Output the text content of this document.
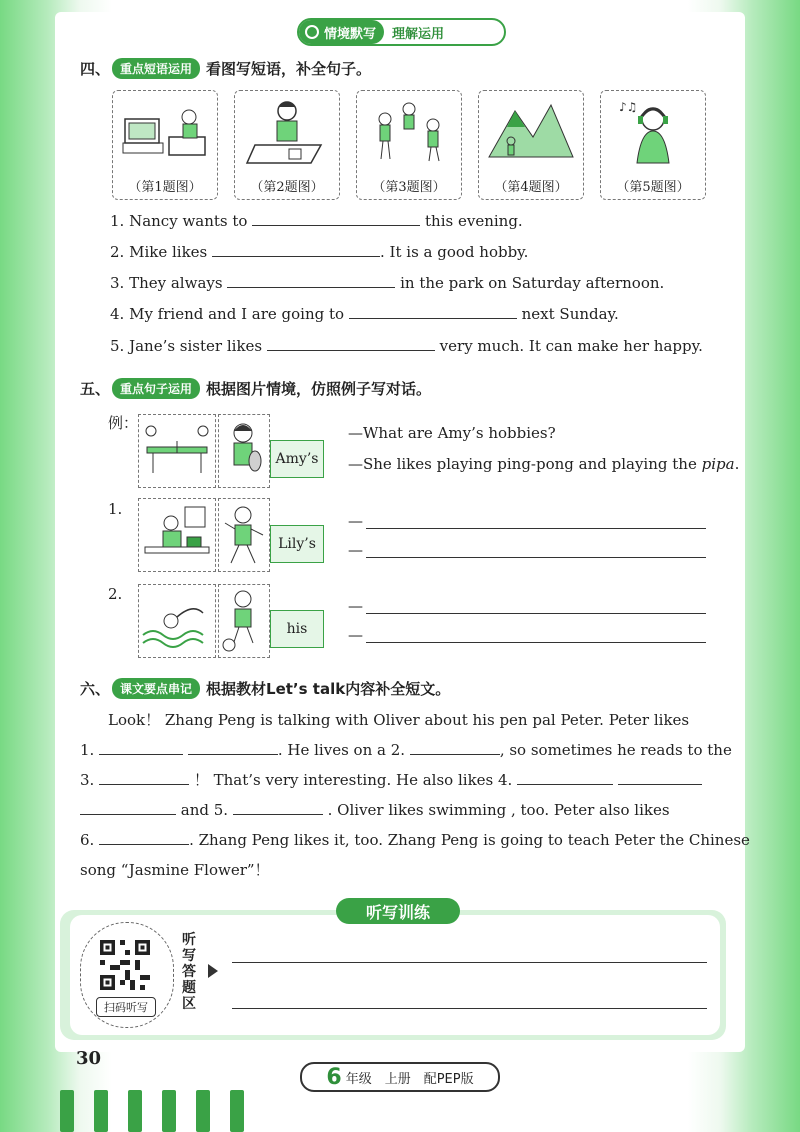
情境默写	理解运用
四、 重点短语运用 看图写短语，补全句子。
（第1题图）	（第2题图）	（第3题图）	（第4题图）
♪♫
（第5题图）
1. Nancy wants to	this evening.
2. Mike likes	. It is a good hobby.
3. They always	in the park on Saturday afternoon.
4. My friend and I are going to	next Sunday.
5. Jane’s sister likes	very much. It can make her happy.
五、 重点句子运用 根据图片情境，仿照例子写对话。
例：
Amy’s
—What are Amy’s hobbies?
—She likes playing ping-pong and playing the pipa.
1.
Lily’s
—
—
2.
his
—
—
六、 课文要点串记 根据教材Let’s talk内容补全短文。
Look！ Zhang Peng is talking with Oliver about his pen pal Peter. Peter likes
1.	. He lives on a 2.	, so sometimes he reads to the
3.	！ That’s very interesting. He also likes 4.
and 5.	. Oliver likes swimming , too. Peter also likes
6.	. Zhang Peng likes it, too. Zhang Peng is going to teach Peter the Chinese
song “Jasmine Flower”！
听写训练
扫码听写
听写答题区
30
6 年级　上册　配PEP版
